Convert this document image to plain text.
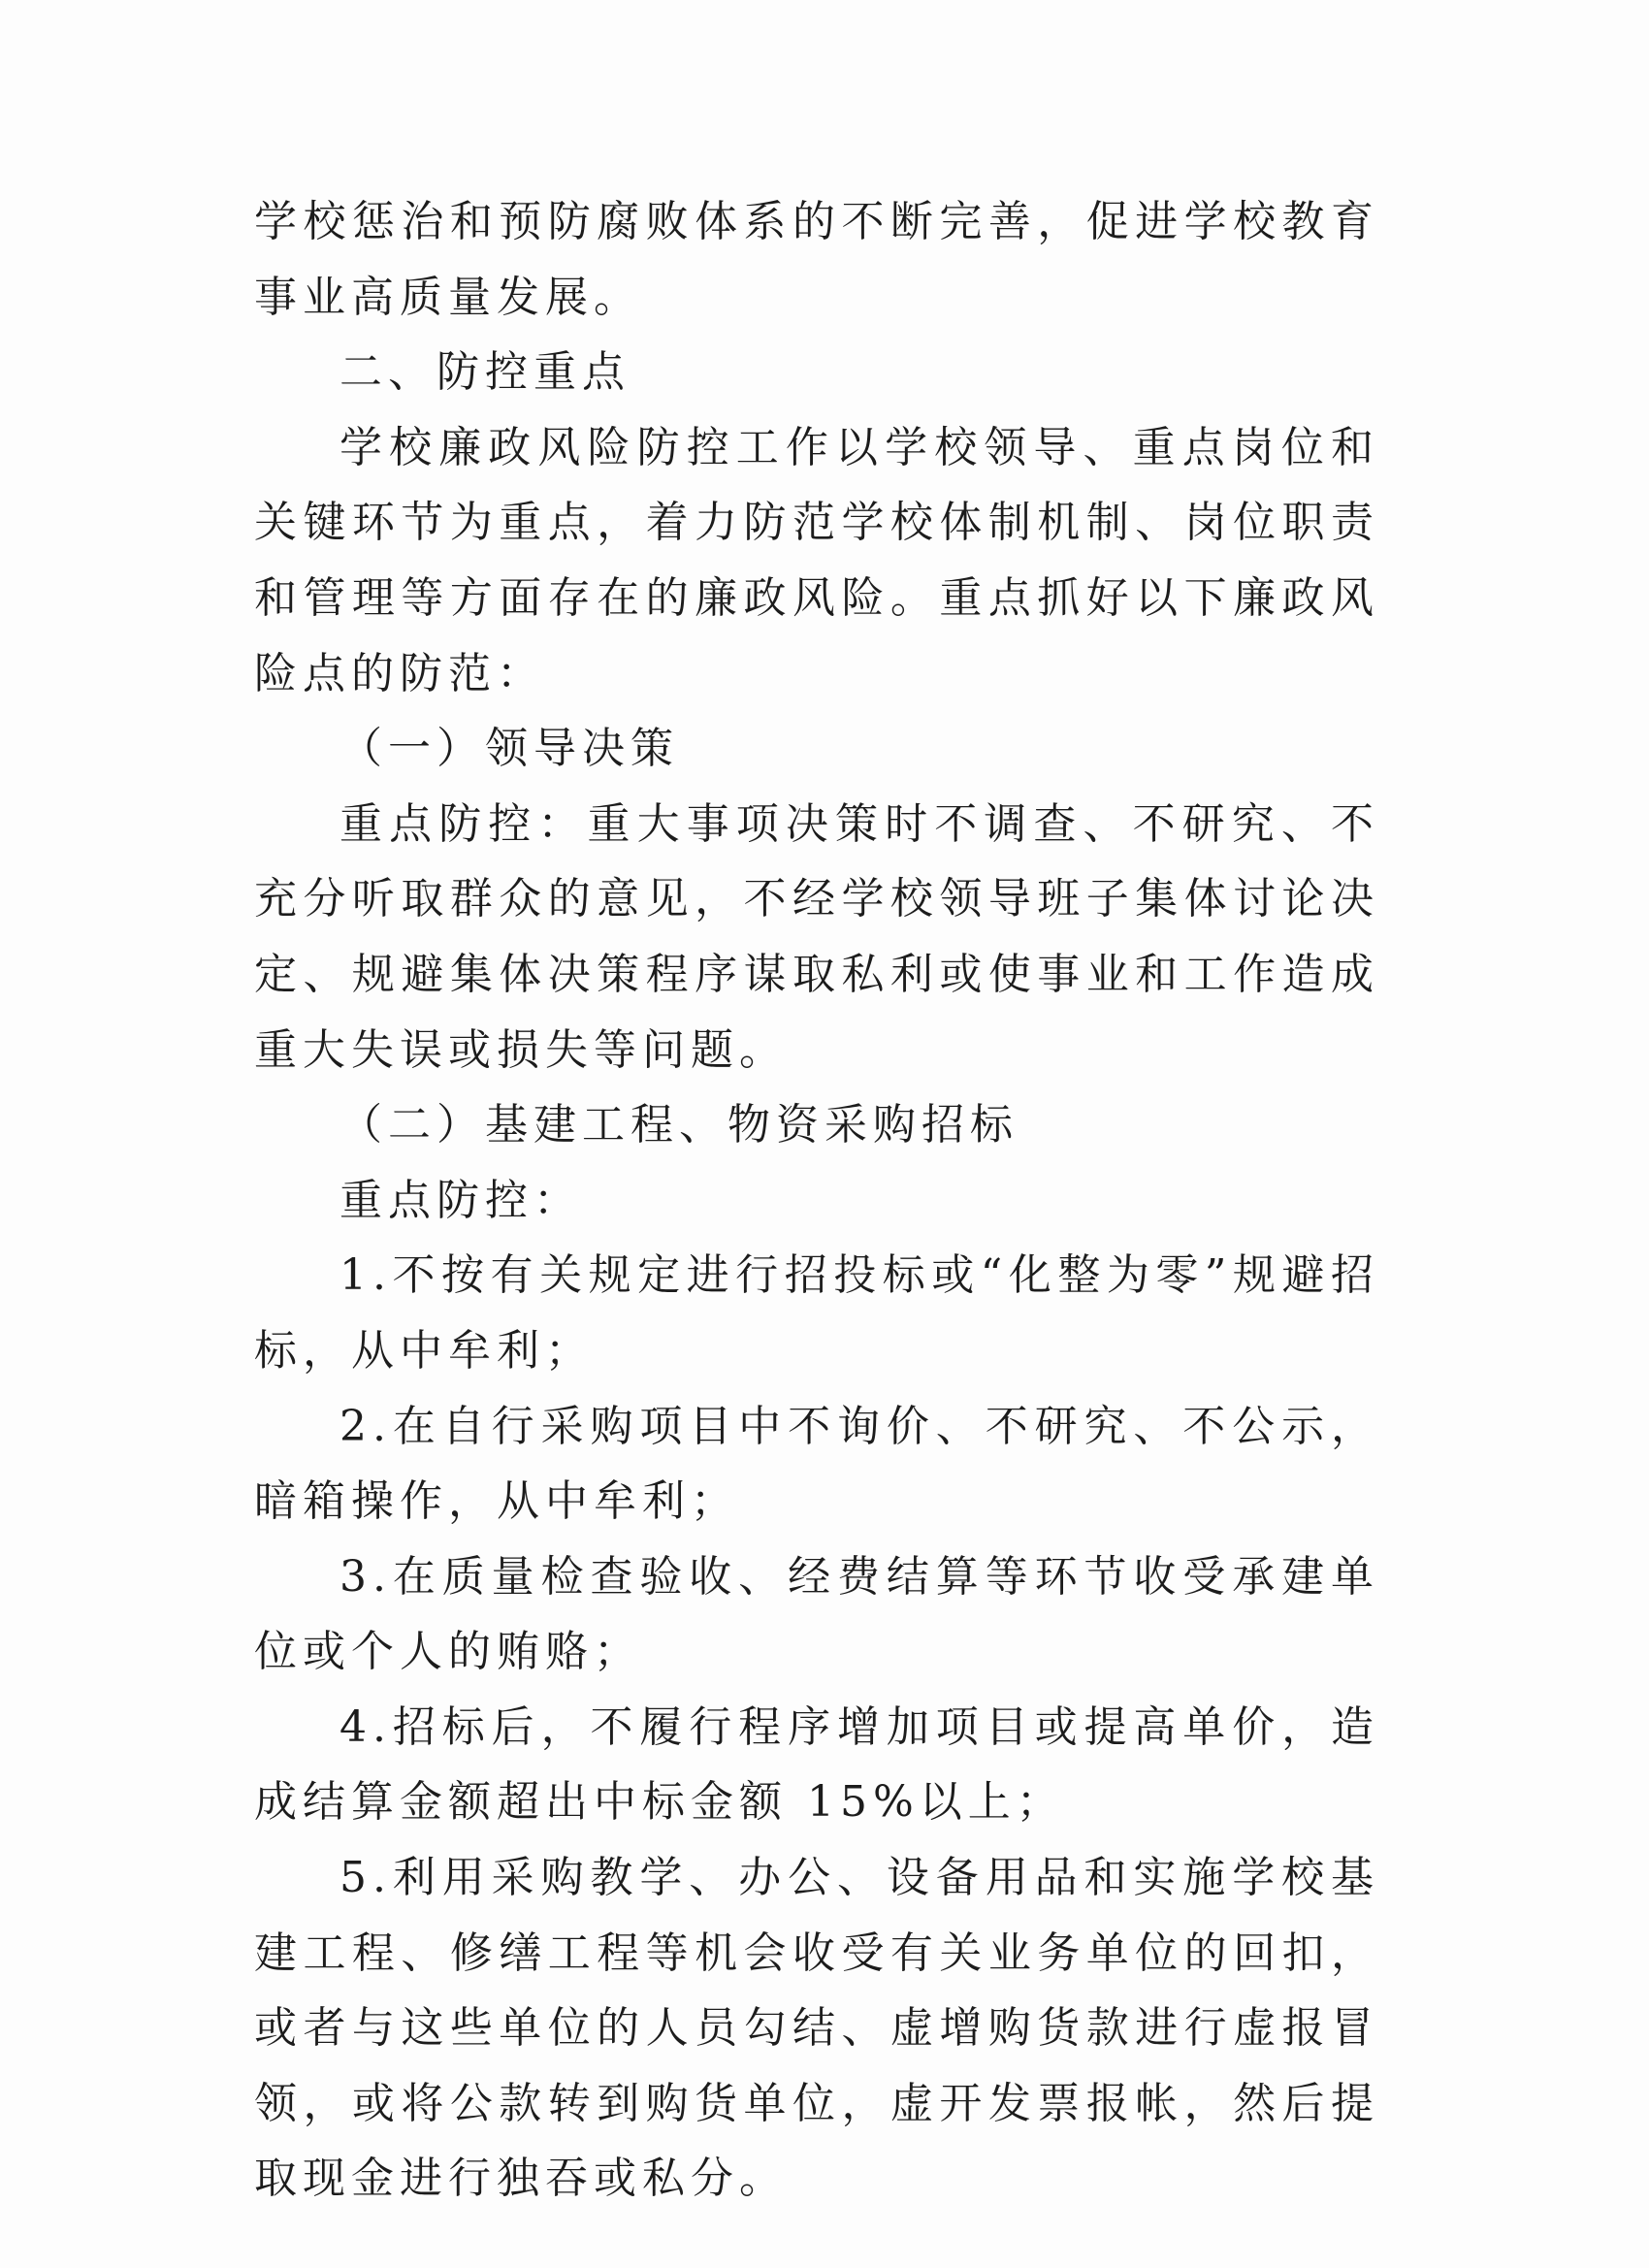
学校惩治和预防腐败体系的不断完善，促进学校教育事业高质量发展。

二、防控重点

学校廉政风险防控工作以学校领导、重点岗位和关键环节为重点，着力防范学校体制机制、岗位职责和管理等方面存在的廉政风险。重点抓好以下廉政风险点的防范：

（一）领导决策

重点防控：重大事项决策时不调查、不研究、不充分听取群众的意见，不经学校领导班子集体讨论决定、规避集体决策程序谋取私利或使事业和工作造成重大失误或损失等问题。

（二）基建工程、物资采购招标

重点防控：

1.不按有关规定进行招投标或“化整为零”规避招标，从中牟利；

2.在自行采购项目中不询价、不研究、不公示，暗箱操作，从中牟利；

3.在质量检查验收、经费结算等环节收受承建单位或个人的贿赂；

4.招标后，不履行程序增加项目或提高单价，造成结算金额超出中标金额 15%以上；

5.利用采购教学、办公、设备用品和实施学校基建工程、修缮工程等机会收受有关业务单位的回扣，或者与这些单位的人员勾结、虚增购货款进行虚报冒领，或将公款转到购货单位，虚开发票报帐，然后提取现金进行独吞或私分。
